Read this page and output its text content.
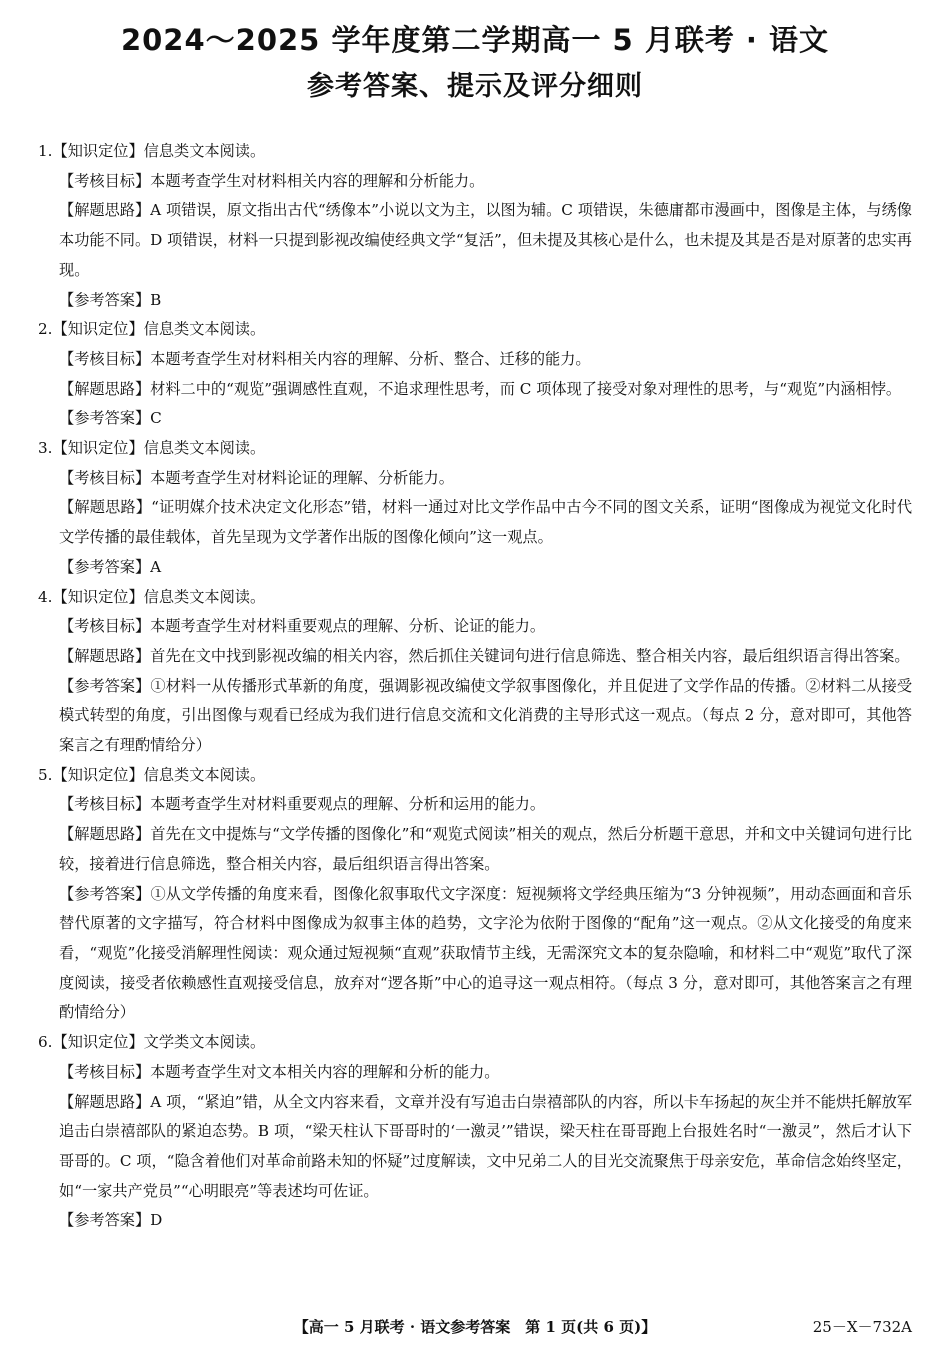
2024～2025 学年度第二学期高一 5 月联考 · 语文
参考答案、提示及评分细则
1.【知识定位】信息类文本阅读。
【考核目标】本题考查学生对材料相关内容的理解和分析能力。
【解题思路】A 项错误，原文指出古代“绣像本”小说以文为主，以图为辅。C 项错误，朱德庸都市漫画中，图像是主体，与绣像本功能不同。D 项错误，材料一只提到影视改编使经典文学“复活”，但未提及其核心是什么，也未提及其是否是对原著的忠实再现。
【参考答案】B
2.【知识定位】信息类文本阅读。
【考核目标】本题考查学生对材料相关内容的理解、分析、整合、迁移的能力。
【解题思路】材料二中的“观览”强调感性直观，不追求理性思考，而 C 项体现了接受对象对理性的思考，与“观览”内涵相悖。
【参考答案】C
3.【知识定位】信息类文本阅读。
【考核目标】本题考查学生对材料论证的理解、分析能力。
【解题思路】“证明媒介技术决定文化形态”错，材料一通过对比文学作品中古今不同的图文关系，证明“图像成为视觉文化时代文学传播的最佳载体，首先呈现为文学著作出版的图像化倾向”这一观点。
【参考答案】A
4.【知识定位】信息类文本阅读。
【考核目标】本题考查学生对材料重要观点的理解、分析、论证的能力。
【解题思路】首先在文中找到影视改编的相关内容，然后抓住关键词句进行信息筛选、整合相关内容，最后组织语言得出答案。
【参考答案】①材料一从传播形式革新的角度，强调影视改编使文学叙事图像化，并且促进了文学作品的传播。②材料二从接受模式转型的角度，引出图像与观看已经成为我们进行信息交流和文化消费的主导形式这一观点。（每点 2 分，意对即可，其他答案言之有理酌情给分）
5.【知识定位】信息类文本阅读。
【考核目标】本题考查学生对材料重要观点的理解、分析和运用的能力。
【解题思路】首先在文中提炼与“文学传播的图像化”和“观览式阅读”相关的观点，然后分析题干意思，并和文中关键词句进行比较，接着进行信息筛选，整合相关内容，最后组织语言得出答案。
【参考答案】①从文学传播的角度来看，图像化叙事取代文字深度：短视频将文学经典压缩为“3 分钟视频”，用动态画面和音乐替代原著的文字描写，符合材料中图像成为叙事主体的趋势，文字沦为依附于图像的“配角”这一观点。②从文化接受的角度来看，“观览”化接受消解理性阅读：观众通过短视频“直观”获取情节主线，无需深究文本的复杂隐喻，和材料二中“观览”取代了深度阅读，接受者依赖感性直观接受信息，放弃对“逻各斯”中心的追寻这一观点相符。（每点 3 分，意对即可，其他答案言之有理酌情给分）
6.【知识定位】文学类文本阅读。
【考核目标】本题考查学生对文本相关内容的理解和分析的能力。
【解题思路】A 项，“紧迫”错，从全文内容来看，文章并没有写追击白崇禧部队的内容，所以卡车扬起的灰尘并不能烘托解放军追击白崇禧部队的紧迫态势。B 项，“梁天柱认下哥哥时的‘一激灵’”错误，梁天柱在哥哥跑上台报姓名时“一激灵”，然后才认下哥哥的。C 项，“隐含着他们对革命前路未知的怀疑”过度解读，文中兄弟二人的目光交流聚焦于母亲安危，革命信念始终坚定，如“一家共产党员”“心明眼亮”等表述均可佐证。
【参考答案】D
【高一 5 月联考 · 语文参考答案　第 1 页(共 6 页)】	25－X－732A
